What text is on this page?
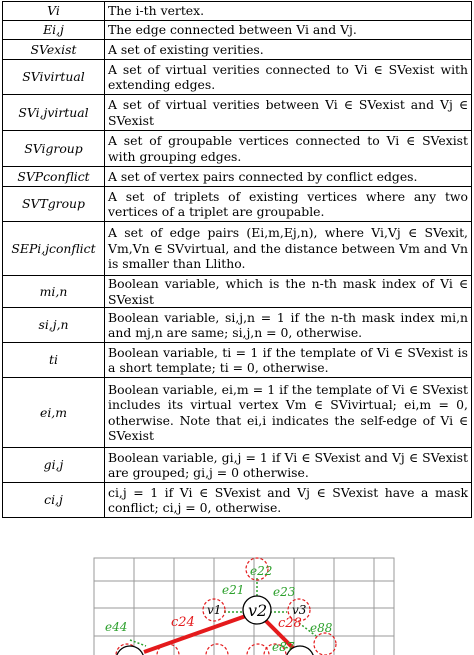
Vi	The i-th vertex.
Ei,j	The edge connected between Vi and Vj.
SVexist	A set of existing verities.
SVivirtual	A set of virtual verities connected to Vi ∈ SVexist with extending edges.
SVi,jvirtual	A set of virtual verities between Vi ∈ SVexist and Vj ∈ SVexist
SVigroup	A set of groupable vertices connected to Vi ∈ SVexist with grouping edges.
SVPconflict	A set of vertex pairs connected by conflict edges.
SVTgroup	A set of triplets of existing vertices where any two vertices of a triplet are groupable.
SEPi,jconflict	A set of edge pairs (Ei,m,Ej,n), where Vi,Vj ∈ SVexit, Vm,Vn ∈ SVvirtual, and the distance between Vm and Vn is smaller than Llitho.
mi,n	Boolean variable, which is the n-th mask index of Vi ∈ SVexist
si,j,n	Boolean variable, si,j,n = 1 if the n-th mask index mi,n and mj,n are same; si,j,n = 0, otherwise.
ti	Boolean variable, ti = 1 if the template of Vi ∈ SVexist is a short template; ti = 0, otherwise.
ei,m	Boolean variable, ei,m = 1 if the template of Vi ∈ SVexist includes its virtual vertex Vm ∈ SVivirtual; ei,m = 0, otherwise. Note that ei,i indicates the self-edge of Vi ∈ SVexist
gi,j	Boolean variable, gi,j = 1 if Vi ∈ SVexist and Vj ∈ SVexist are grouped; gi,j = 0 otherwise.
ci,j	ci,j = 1 if Vi ∈ SVexist and Vj ∈ SVexist have a mask conflict; ci,j = 0, otherwise.
v1 v2 v3
e22
e21 e23
e44	e88
e87
c24	c28
